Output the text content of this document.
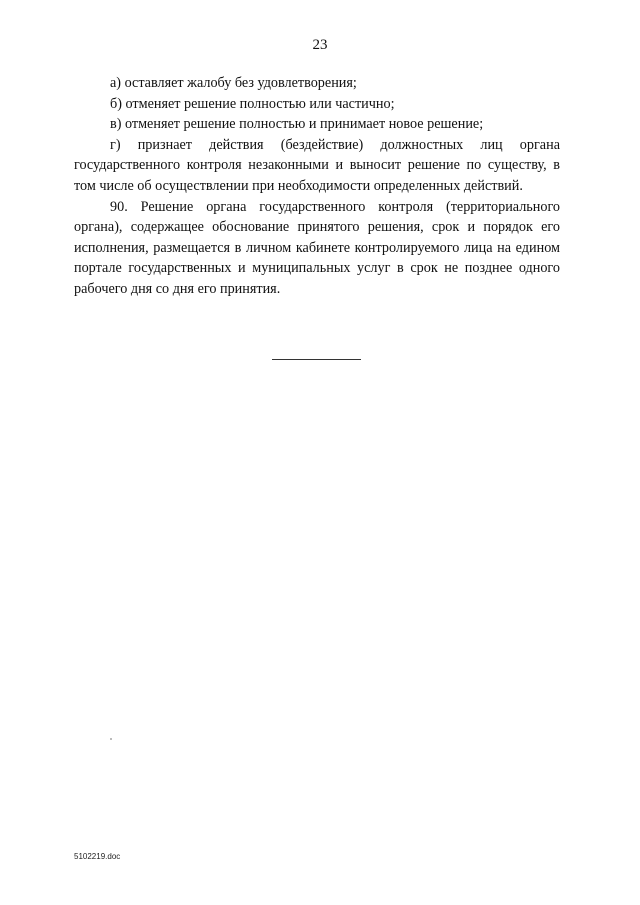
23

а) оставляет жалобу без удовлетворения;

б) отменяет решение полностью или частично;

в) отменяет решение полностью и принимает новое решение;

г) признает действия (бездействие) должностных лиц органа государственного контроля незаконными и выносит решение по существу, в том числе об осуществлении при необходимости определенных действий.

90. Решение органа государственного контроля (территориального органа), содержащее обоснование принятого решения, срок и порядок его исполнения, размещается в личном кабинете контролируемого лица на едином портале государственных и муниципальных услуг в срок не позднее одного рабочего дня со дня его принятия.

5102219.doc
